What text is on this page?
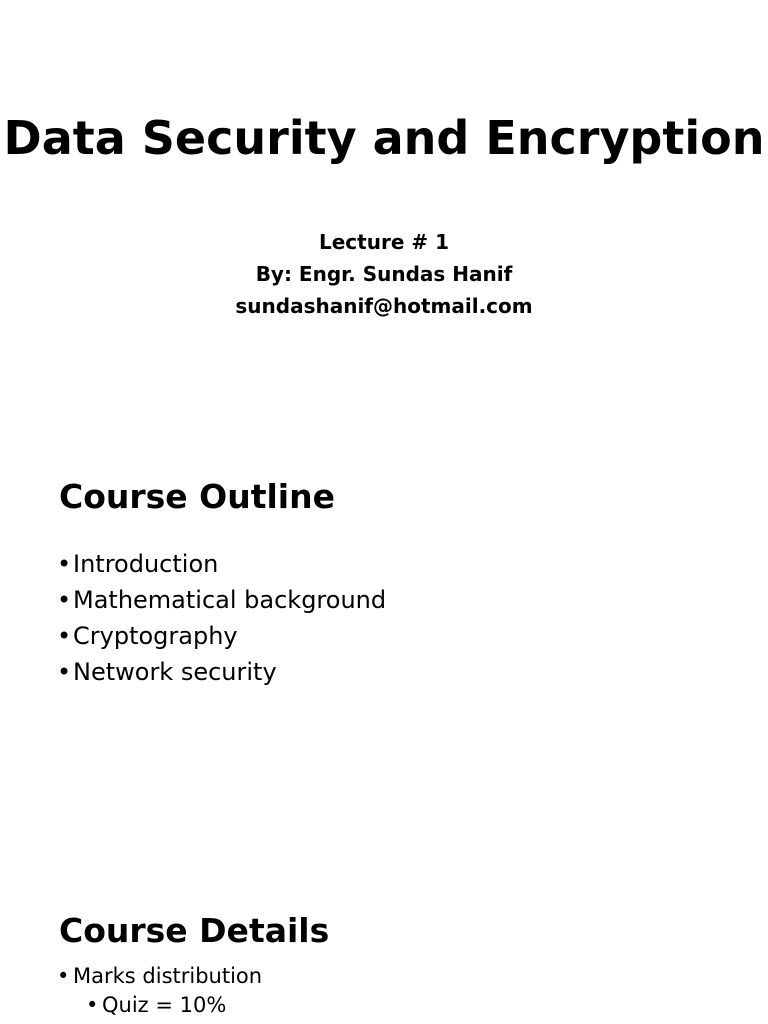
Data Security and Encryption
Lecture # 1
By: Engr. Sundas Hanif
sundashanif@hotmail.com
Course Outline
• Introduction
• Mathematical background
• Cryptography
• Network security
Course Details
• Marks distribution
• Quiz = 10%
